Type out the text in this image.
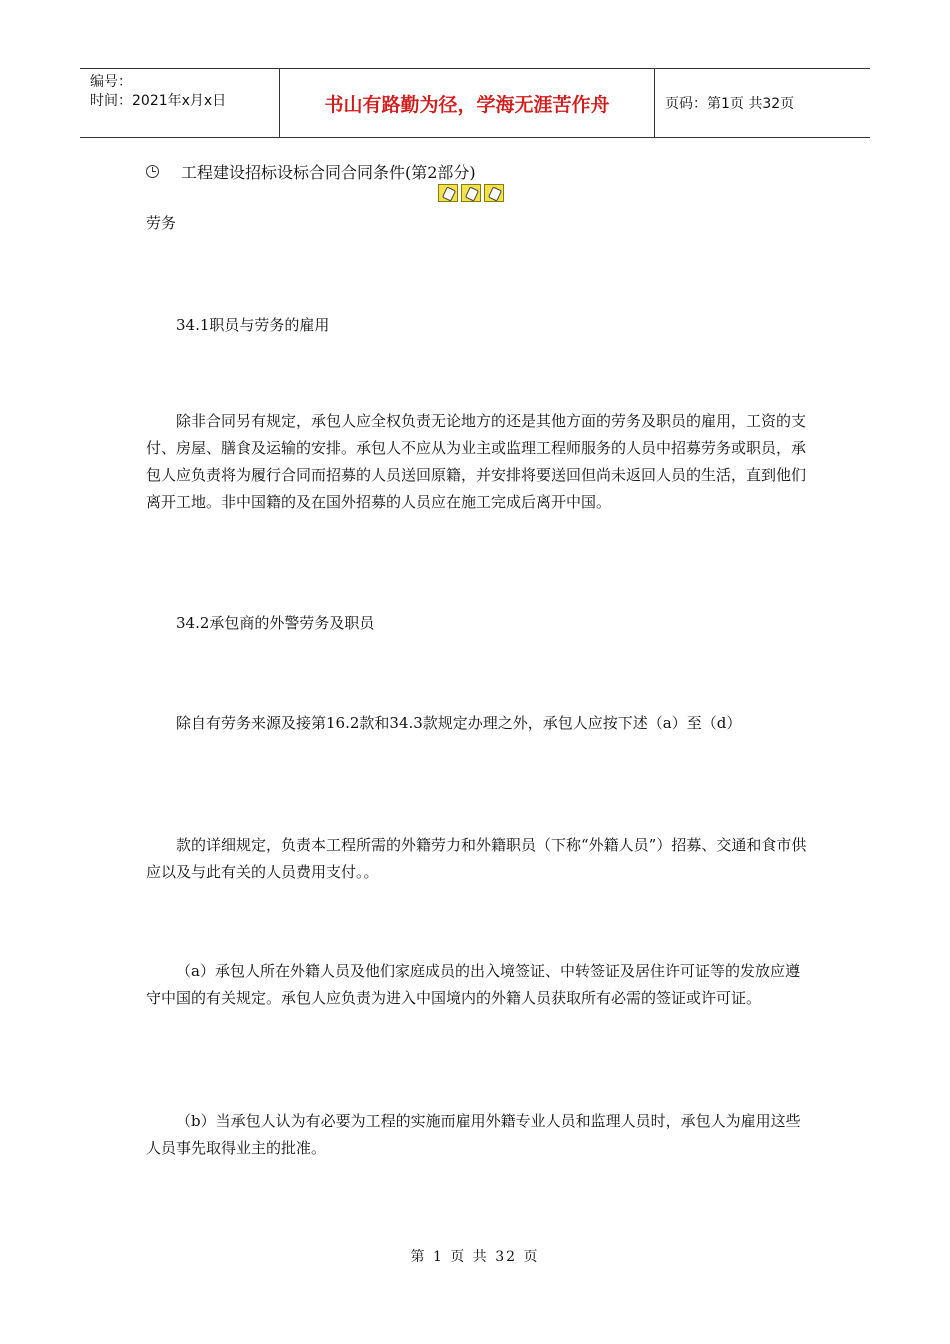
编号：
时间：2021年x月x日	书山有路勤为径，学海无涯苦作舟	页码：第1页 共32页
工程建设招标设标合同合同条件(第2部分)

劳务

34.1职员与劳务的雇用

除非合同另有规定，承包人应全权负责无论地方的还是其他方面的劳务及职员的雇用，工资的支付、房屋、膳食及运输的安排。承包人不应从为业主或监理工程师服务的人员中招募劳务或职员，承包人应负责将为履行合同而招募的人员送回原籍，并安排将要送回但尚未返回人员的生活，直到他们离开工地。非中国籍的及在国外招募的人员应在施工完成后离开中国。

34.2承包商的外警劳务及职员

除自有劳务来源及接第16.2款和34.3款规定办理之外，承包人应按下述（a）至（d）

款的详细规定，负责本工程所需的外籍劳力和外籍职员（下称“外籍人员”）招募、交通和食市供应以及与此有关的人员费用支付。。

（a）承包人所在外籍人员及他们家庭成员的出入境签证、中转签证及居住许可证等的发放应遵守中国的有关规定。承包人应负责为进入中国境内的外籍人员获取所有必需的签证或许可证。

（b）当承包人认为有必要为工程的实施而雇用外籍专业人员和监理人员时，承包人为雇用这些人员事先取得业主的批准。

第 1 页 共 32 页
